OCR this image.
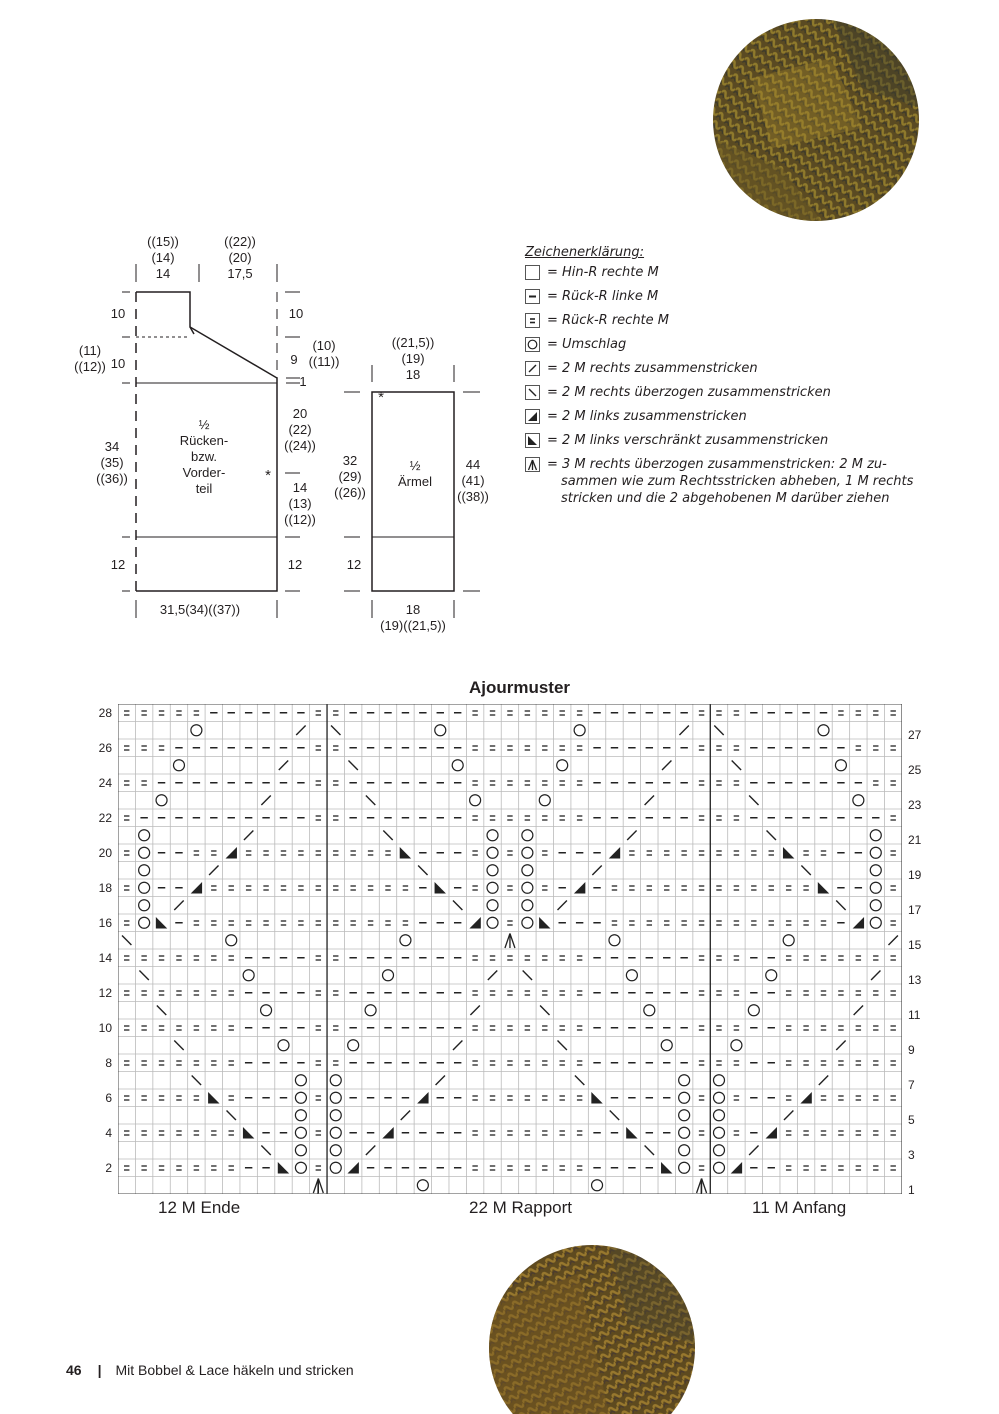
((15))
(14)
14
((22))
(20)
17,5
10
(11)
((12)) 10
34
(35)
((36))
12
10
9
(10)
((11))
1
20
(22)
((24))
14
(13)
((12))
12
½
Rücken-
bzw.
Vorder-
teil
*
31,5(34)((37))
((21,5))
(19)
18
32
(29)
((26))
12
44
(41)
((38))
½
Ärmel
*
18
(19)((21,5))
Zeichenerklärung:
= Hin-R rechte M
= Rück-R linke M
= Rück-R rechte M
= Umschlag
= 2 M rechts zusammenstricken
= 2 M rechts überzogen zusammenstricken
= 2 M links zusammenstricken
= 2 M links verschränkt zusammenstricken
= 3 M rechts überzogen zusammenstricken: 2 M zu-
sammen wie zum Rechtsstricken abheben, 1 M rechts
stricken und die 2 abgehobenen M darüber ziehen
Ajourmuster
12 M Ende	22 M Rapport	11 M Anfang
46 | Mit Bobbel & Lace häkeln und stricken
28
26
24
22
20
18
16
14
12
10
8
6
4
2
27
25
23
21
19
17
15
13
11
9
7
5
3
1
